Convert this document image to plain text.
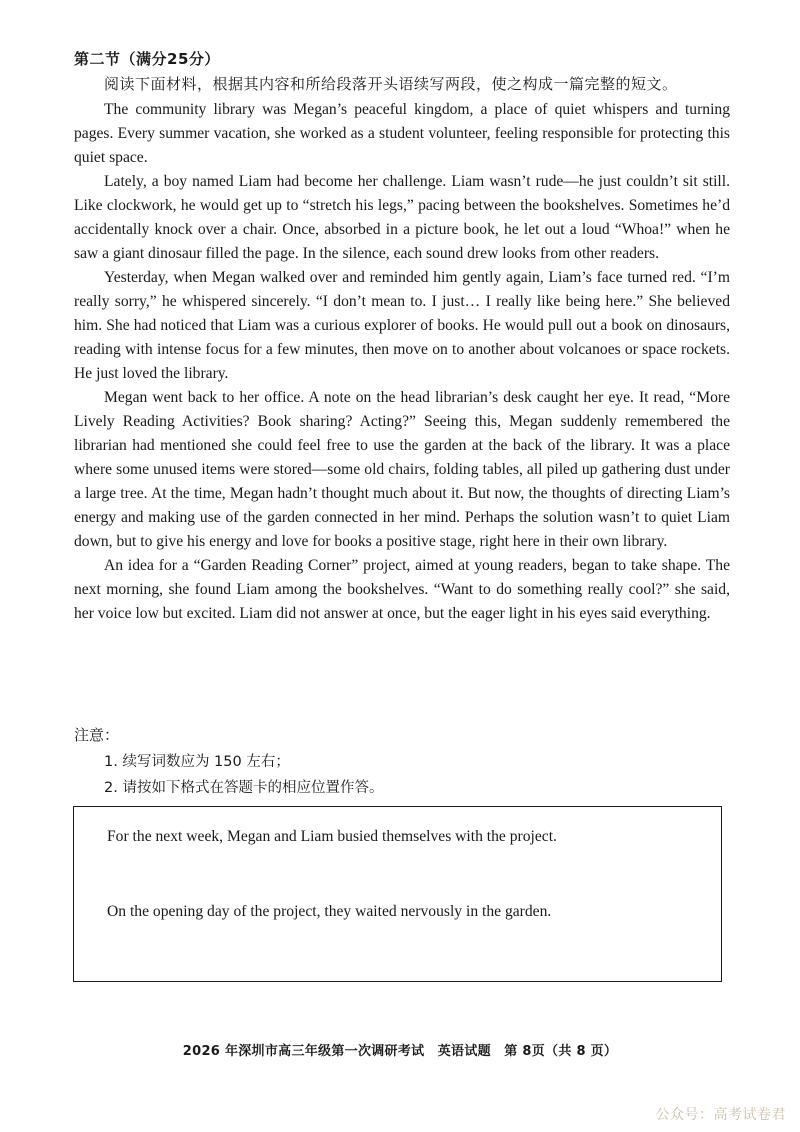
第二节（满分25分）
阅读下面材料，根据其内容和所给段落开头语续写两段，使之构成一篇完整的短文。

The community library was Megan’s peaceful kingdom, a place of quiet whispers and turning pages. Every summer vacation, she worked as a student volunteer, feeling responsible for protecting this quiet space.

Lately, a boy named Liam had become her challenge. Liam wasn’t rude—he just couldn’t sit still. Like clockwork, he would get up to “stretch his legs,” pacing between the bookshelves. Sometimes he’d accidentally knock over a chair. Once, absorbed in a picture book, he let out a loud “Whoa!” when he saw a giant dinosaur filled the page. In the silence, each sound drew looks from other readers.

Yesterday, when Megan walked over and reminded him gently again, Liam’s face turned red. “I’m really sorry,” he whispered sincerely. “I don’t mean to. I just… I really like being here.” She believed him. She had noticed that Liam was a curious explorer of books. He would pull out a book on dinosaurs, reading with intense focus for a few minutes, then move on to another about volcanoes or space rockets. He just loved the library.

Megan went back to her office. A note on the head librarian’s desk caught her eye. It read, “More Lively Reading Activities? Book sharing? Acting?” Seeing this, Megan suddenly remembered the librarian had mentioned she could feel free to use the garden at the back of the library. It was a place where some unused items were stored—some old chairs, folding tables, all piled up gathering dust under a large tree. At the time, Megan hadn’t thought much about it. But now, the thoughts of directing Liam’s energy and making use of the garden connected in her mind. Perhaps the solution wasn’t to quiet Liam down, but to give his energy and love for books a positive stage, right here in their own library.

An idea for a “Garden Reading Corner” project, aimed at young readers, began to take shape. The next morning, she found Liam among the bookshelves. “Want to do something really cool?” she said, her voice low but excited. Liam did not answer at once, but the eager light in his eyes said everything.

注意：
1. 续写词数应为 150 左右；
2. 请按如下格式在答题卡的相应位置作答。
For the next week, Megan and Liam busied themselves with the project.
On the opening day of the project, they waited nervously in the garden.
2026 年深圳市高三年级第一次调研考试　英语试题　第 8页（共 8 页）
公众号：高考试卷君
